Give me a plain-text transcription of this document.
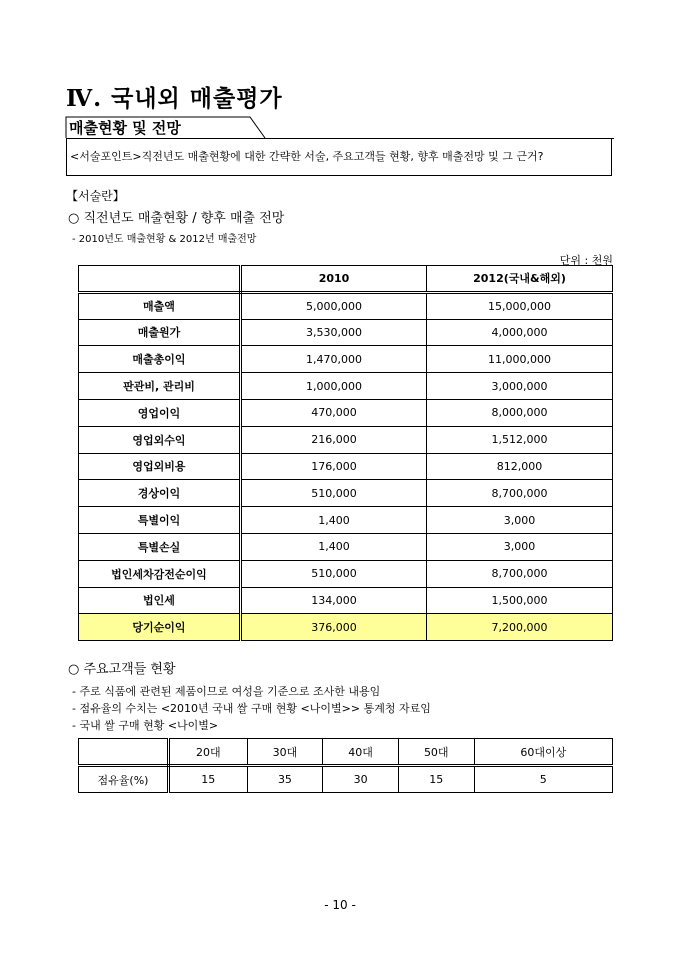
Ⅳ. 국내외 매출평가
매출현황 및 전망
<서술포인트>직전년도 매출현황에 대한 간략한 서술, 주요고객들 현황, 향후 매출전망 및 그 근거?
【서술란】
○ 직전년도 매출현황 / 향후 매출 전망
- 2010년도 매출현황 & 2012년 매출전망
단위 : 천원
	2010	2012(국내&해외)
매출액	5,000,000	15,000,000
매출원가	3,530,000	4,000,000
매출총이익	1,470,000	11,000,000
판관비, 관리비	1,000,000	3,000,000
영업이익	470,000	8,000,000
영업외수익	216,000	1,512,000
영업외비용	176,000	812,000
경상이익	510,000	8,700,000
특별이익	1,400	3,000
특별손실	1,400	3,000
법인세차감전순이익	510,000	8,700,000
법인세	134,000	1,500,000
당기순이익	376,000	7,200,000
○ 주요고객들 현황
- 주로 식품에 관련된 제품이므로 여성을 기준으로 조사한 내용임
- 점유율의 수치는 <2010년 국내 쌀 구매 현황 <나이별>> 통계청 자료임
- 국내 쌀 구매 현황 <나이별>
	20대	30대	40대	50대	60대이상
점유율(%)	15	35	30	15	5
- 10 -
